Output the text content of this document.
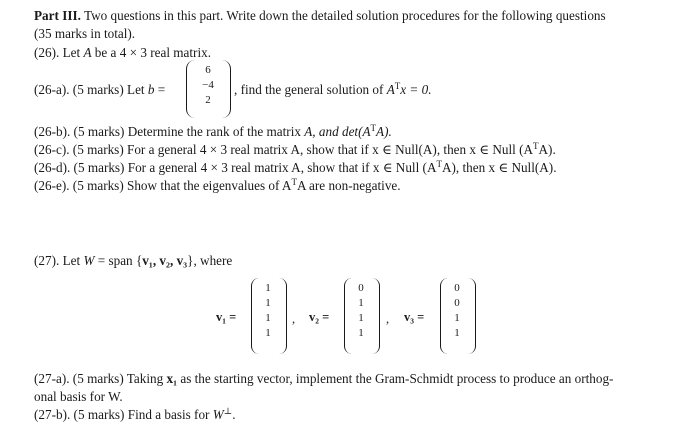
Part III. Two questions in this part. Write down the detailed solution procedures for the following questions
(35 marks in total).
(26). Let A be a 4 × 3 real matrix.
(26-a). (5 marks) Let b =
6
−4
2
, find the general solution of $A^Tx = 0$.
(26-b). (5 marks) Determine the rank of the matrix A, and $\det(A^TA)$.
(26-c). (5 marks) For a general 4 × 3 real matrix A, show that if x ∈ Null(A), then x ∈ Null $(A^TA)$.
(26-d). (5 marks) For a general 4 × 3 real matrix A, show that if x ∈ Null $(A^TA)$, then x ∈ Null(A).
(26-e). (5 marks) Show that the eigenvalues of $A^TA$ are non-negative.
(27). Let W = span {v₁, v₂, v₃}, where
v₁ =
1
1
1
1
, v₂ =
0
1
1
1
, v₃ =
0
0
1
1
(27-a). (5 marks) Taking x₁ as the starting vector, implement the Gram-Schmidt process to produce an orthog-
onal basis for W.
(27-b). (5 marks) Find a basis for W⊥.
